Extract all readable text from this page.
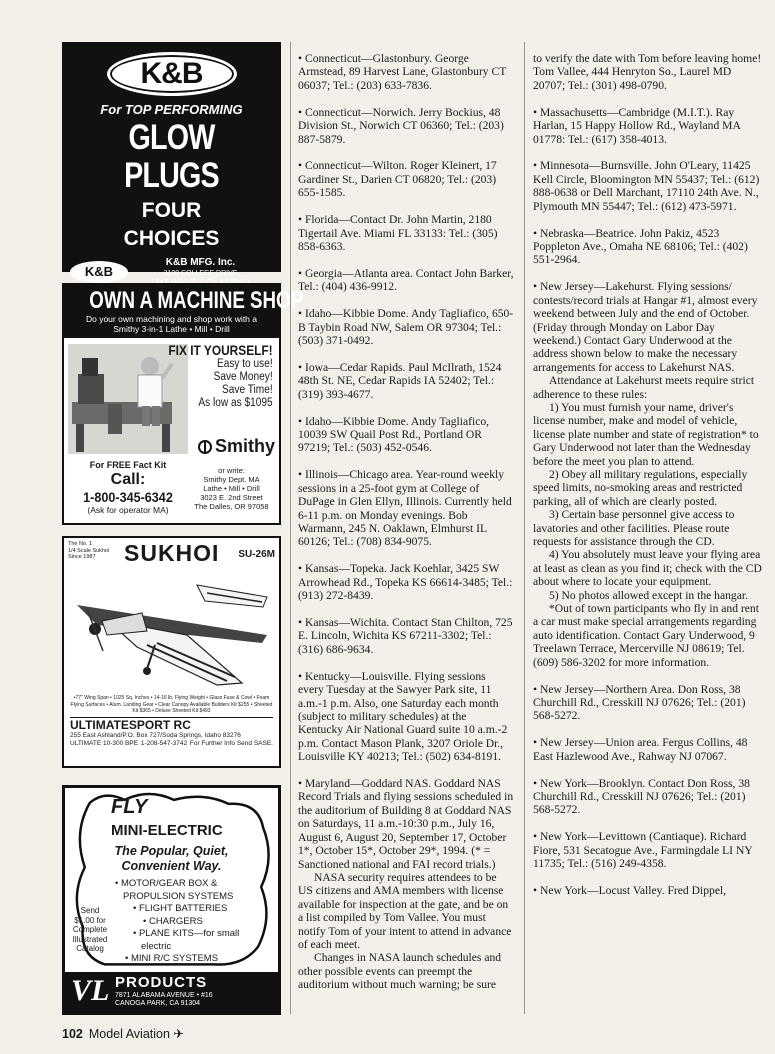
K&B
For TOP PERFORMING
GLOW PLUGS
FOUR
CHOICES
K&B
K&B MFG. Inc.
2100 COLLEGE DRIVE
OWN A MACHINE SHOP
Do your own machining and shop work with a
Smithy 3-in-1 Lathe • Mill • Drill
FIX IT YOURSELF!
Easy to use!
Save Money!
Save Time!
As low as $1095
Smithy
For FREE Fact Kit
Call:
1-800-345-6342
(Ask for operator MA)
or write:
Smithy Dept. MA
Lathe • Mill • Drill
3023 E. 2nd Street
The Dalles, OR 97058
The No. 1
1/4 Scale Sukhoi
Since 1987	SUKHOI SU-26M
•77" Wing Span • 1025 Sq. Inches • 14-16 lb. Flying Weight • Glass Fuse & Cowl • Foam Flying Surfaces • Alum. Landing Gear • Clear Canopy Available Builders Kit $255 • Sheeted Kit $365 • Deluxe Sheeted Kit $493
ULTIMATESPORT RC
255 East Ashland/P.O. Box 727/Soda Springs, Idaho 83276
ULTIMATE 10-300 BPE 1-208-547-3742 For Further Info Send SASE.
FLY
MINI-ELECTRIC
The Popular, Quiet,
Convenient Way.
• MOTOR/GEAR BOX &
PROPULSION SYSTEMS
• FLIGHT BATTERIES
• CHARGERS
• PLANE KITS—for small
electric
• MINI R/C SYSTEMS
Send
$1.00 for
Complete
Illustrated
Catalog
VL PRODUCTS
7871 ALABAMA AVENUE • #16
CANOGA PARK, CA 91304
• Connecticut—Glastonbury. George Armstead, 89 Harvest Lane, Glastonbury CT 06037; Tel.: (203) 633-7836.
• Connecticut—Norwich. Jerry Bockius, 48 Division St., Norwich CT 06360; Tel.: (203) 887-5879.
• Connecticut—Wilton. Roger Kleinert, 17 Gardiner St., Darien CT 06820; Tel.: (203) 655-1585.
• Florida—Contact Dr. John Martin, 2180 Tigertail Ave. Miami FL 33133: Tel.: (305) 858-6363.
• Georgia—Atlanta area. Contact John Barker, Tel.: (404) 436-9912.
• Idaho—Kibbie Dome. Andy Tagliafico, 650-B Taybin Road NW, Salem OR 97304; Tel.: (503) 371-0492.
• Iowa—Cedar Rapids. Paul McIlrath, 1524 48th St. NE, Cedar Rapids IA 52402; Tel.: (319) 393-4677.
• Idaho—Kibbie Dome. Andy Tagliafico, 10039 SW Quail Post Rd., Portland OR 97219; Tel.: (503) 452-0546.
• Illinois—Chicago area. Year-round weekly sessions in a 25-foot gym at College of DuPage in Glen Ellyn, Illinois. Currently held 6-11 p.m. on Monday evenings. Bob Warmann, 245 N. Oaklawn, Elmhurst IL 60126; Tel.: (708) 834-9075.
• Kansas—Topeka. Jack Koehlar, 3425 SW Arrowhead Rd., Topeka KS 66614-3485; Tel.: (913) 272-8439.
• Kansas—Wichita. Contact Stan Chilton, 725 E. Lincoln, Wichita KS 67211-3302; Tel.: (316) 686-9634.
• Kentucky—Louisville. Flying sessions every Tuesday at the Sawyer Park site, 11 a.m.-1 p.m. Also, one Saturday each month (subject to military schedules) at the Kentucky Air National Guard suite 10 a.m.-2 p.m. Contact Mason Plank, 3207 Oriole Dr., Louisville KY 40213; Tel.: (502) 634-8191.
• Maryland—Goddard NAS. Goddard NAS Record Trials and flying sessions scheduled in the auditorium of Building 8 at Goddard NAS on Saturdays, 11 a.m.-10:30 p.m., July 16, August 6, August 20, September 17, October 1*, October 15*, October 29*, 1994. (* = Sanctioned national and FAI record trials.)
NASA security requires attendees to be US citizens and AMA members with license available for inspection at the gate, and be on a list compiled by Tom Vallee. You must notify Tom of your intent to attend in advance of each meet.
Changes in NASA launch schedules and other possible events can preempt the auditorium without much warning; be sure
to verify the date with Tom before leaving home! Tom Vallee, 444 Henryton So., Laurel MD 20707; Tel.: (301) 498-0790.
• Massachusetts—Cambridge (M.I.T.). Ray Harlan, 15 Happy Hollow Rd., Wayland MA 01778: Tel.: (617) 358-4013.
• Minnesota—Burnsville. John O'Leary, 11425 Kell Circle, Bloomington MN 55437; Tel.: (612) 888-0638 or Dell Marchant, 17110 24th Ave. N., Plymouth MN 55447; Tel.: (612) 473-5971.
• Nebraska—Beatrice. John Pakiz, 4523 Poppleton Ave., Omaha NE 68106; Tel.: (402) 551-2964.
• New Jersey—Lakehurst. Flying sessions/ contests/record trials at Hangar #1, almost every weekend between July and the end of October. (Friday through Monday on Labor Day weekend.) Contact Gary Underwood at the address shown below to make the necessary arrangements for access to Lakehurst NAS.
Attendance at Lakehurst meets require strict adherence to these rules:
1) You must furnish your name, driver's license number, make and model of vehicle, license plate number and state of registration* to Gary Underwood not later than the Wednesday before the meet you plan to attend.
2) Obey all military regulations, especially speed limits, no-smoking areas and restricted parking, all of which are clearly posted.
3) Certain base personnel give access to lavatories and other facilities. Please route requests for assistance through the CD.
4) You absolutely must leave your flying area at least as clean as you find it; check with the CD about where to locate your equipment.
5) No photos allowed except in the hangar.
*Out of town participants who fly in and rent a car must make special arrangements regarding auto identification. Contact Gary Underwood, 9 Treelawn Terrace, Mercerville NJ 08619; Tel. (609) 586-3202 for more information.
• New Jersey—Northern Area. Don Ross, 38 Churchill Rd., Cresskill NJ 07626; Tel.: (201) 568-5272.
• New Jersey—Union area. Fergus Collins, 48 East Hazlewood Ave., Rahway NJ 07067.
• New York—Brooklyn. Contact Don Ross, 38 Churchill Rd., Cresskill NJ 07626; Tel.: (201) 568-5272.
• New York—Levittown (Cantiaque). Richard Fiore, 531 Secatogue Ave., Farmingdale LI NY 11735; Tel.: (516) 249-4358.
• New York—Locust Valley. Fred Dippel,
102 Model Aviation ✈
